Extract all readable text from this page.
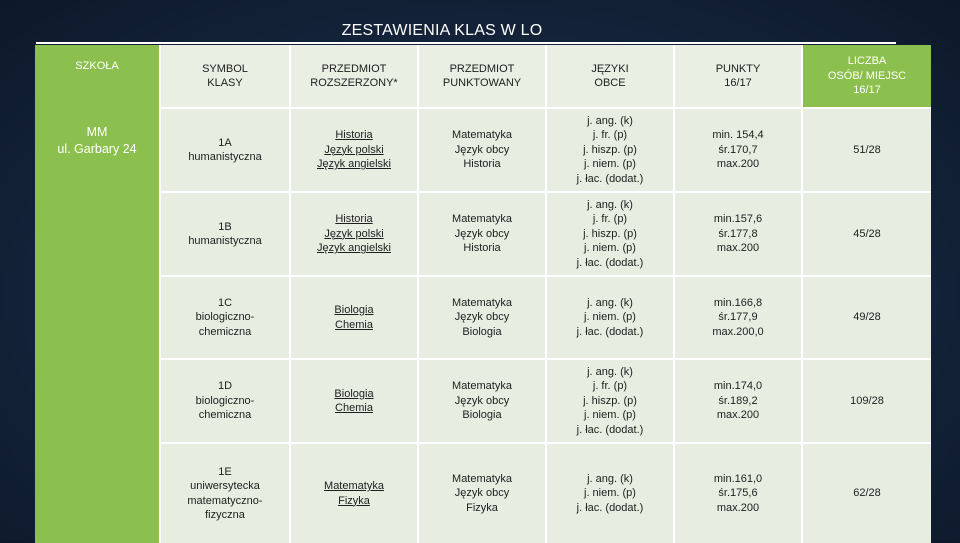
ZESTAWIENIA KLAS W LO
SZKOŁA
MM
ul. Garbary 24
SYMBOL
KLASY
PRZEDMIOT
ROZSZERZONY*
PRZEDMIOT
PUNKTOWANY
JĘZYKI
OBCE
PUNKTY
16/17
LICZBA
OSÓB/ MIEJSC
16/17
1A
humanistyczna
Historia
Język polski
Język angielski
Matematyka
Język obcy
Historia
j. ang. (k)
j. fr. (p)
j. hiszp. (p)
j. niem. (p)
j. łac. (dodat.)
min. 154,4
śr.170,7
max.200
51/28
1B
humanistyczna
Historia
Język polski
Język angielski
Matematyka
Język obcy
Historia
j. ang. (k)
j. fr. (p)
j. hiszp. (p)
j. niem. (p)
j. łac. (dodat.)
min.157,6
śr.177,8
max.200
45/28
1C
biologiczno-
chemiczna
Biologia
Chemia
Matematyka
Język obcy
Biologia
j. ang. (k)
j. niem. (p)
j. łac. (dodat.)
min.166,8
śr.177,9
max.200,0
49/28
1D
biologiczno-
chemiczna
Biologia
Chemia
Matematyka
Język obcy
Biologia
j. ang. (k)
j. fr. (p)
j. hiszp. (p)
j. niem. (p)
j. łac. (dodat.)
min.174,0
śr.189,2
max.200
109/28
1E
uniwersytecka
matematyczno-
fizyczna
Matematyka
Fizyka
Matematyka
Język obcy
Fizyka
j. ang. (k)
j. niem. (p)
j. łac. (dodat.)
min.161,0
śr.175,6
max.200
62/28
